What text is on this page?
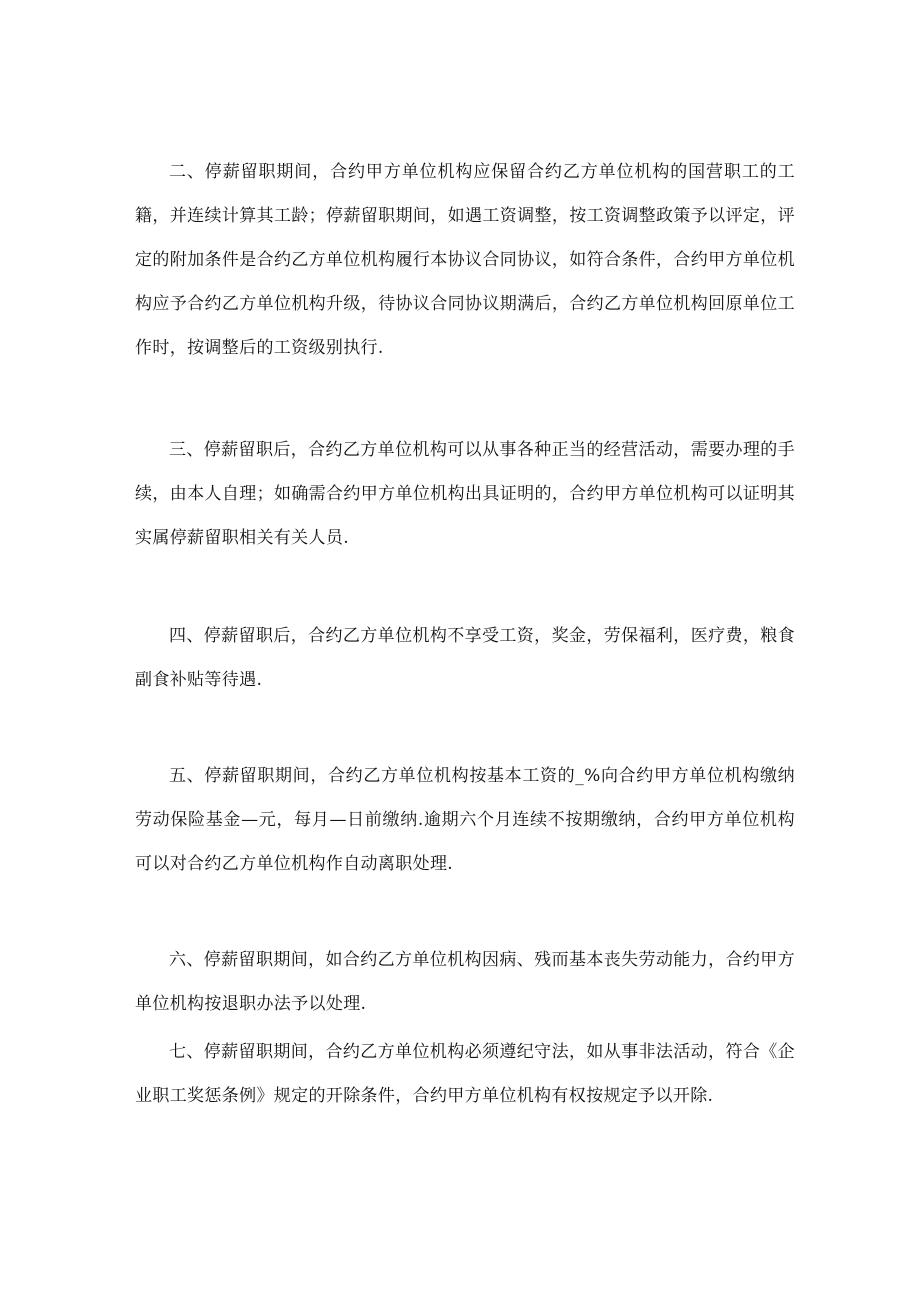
二、停薪留职期间，合约甲方单位机构应保留合约乙方单位机构的国营职工的工籍，并连续计算其工龄；停薪留职期间，如遇工资调整，按工资调整政策予以评定，评定的附加条件是合约乙方单位机构履行本协议合同协议，如符合条件，合约甲方单位机构应予合约乙方单位机构升级，待协议合同协议期满后，合约乙方单位机构回原单位工作时，按调整后的工资级别执行.

三、停薪留职后，合约乙方单位机构可以从事各种正当的经营活动，需要办理的手续，由本人自理；如确需合约甲方单位机构出具证明的，合约甲方单位机构可以证明其实属停薪留职相关有关人员.

四、停薪留职后，合约乙方单位机构不享受工资，奖金，劳保福利，医疗费，粮食副食补贴等待遇.

五、停薪留职期间，合约乙方单位机构按基本工资的_%向合约甲方单位机构缴纳劳动保险基金—元，每月—日前缴纳.逾期六个月连续不按期缴纳，合约甲方单位机构可以对合约乙方单位机构作自动离职处理.

六、停薪留职期间，如合约乙方单位机构因病、残而基本丧失劳动能力，合约甲方单位机构按退职办法予以处理.

七、停薪留职期间，合约乙方单位机构必须遵纪守法，如从事非法活动，符合《企业职工奖惩条例》规定的开除条件，合约甲方单位机构有权按规定予以开除.
